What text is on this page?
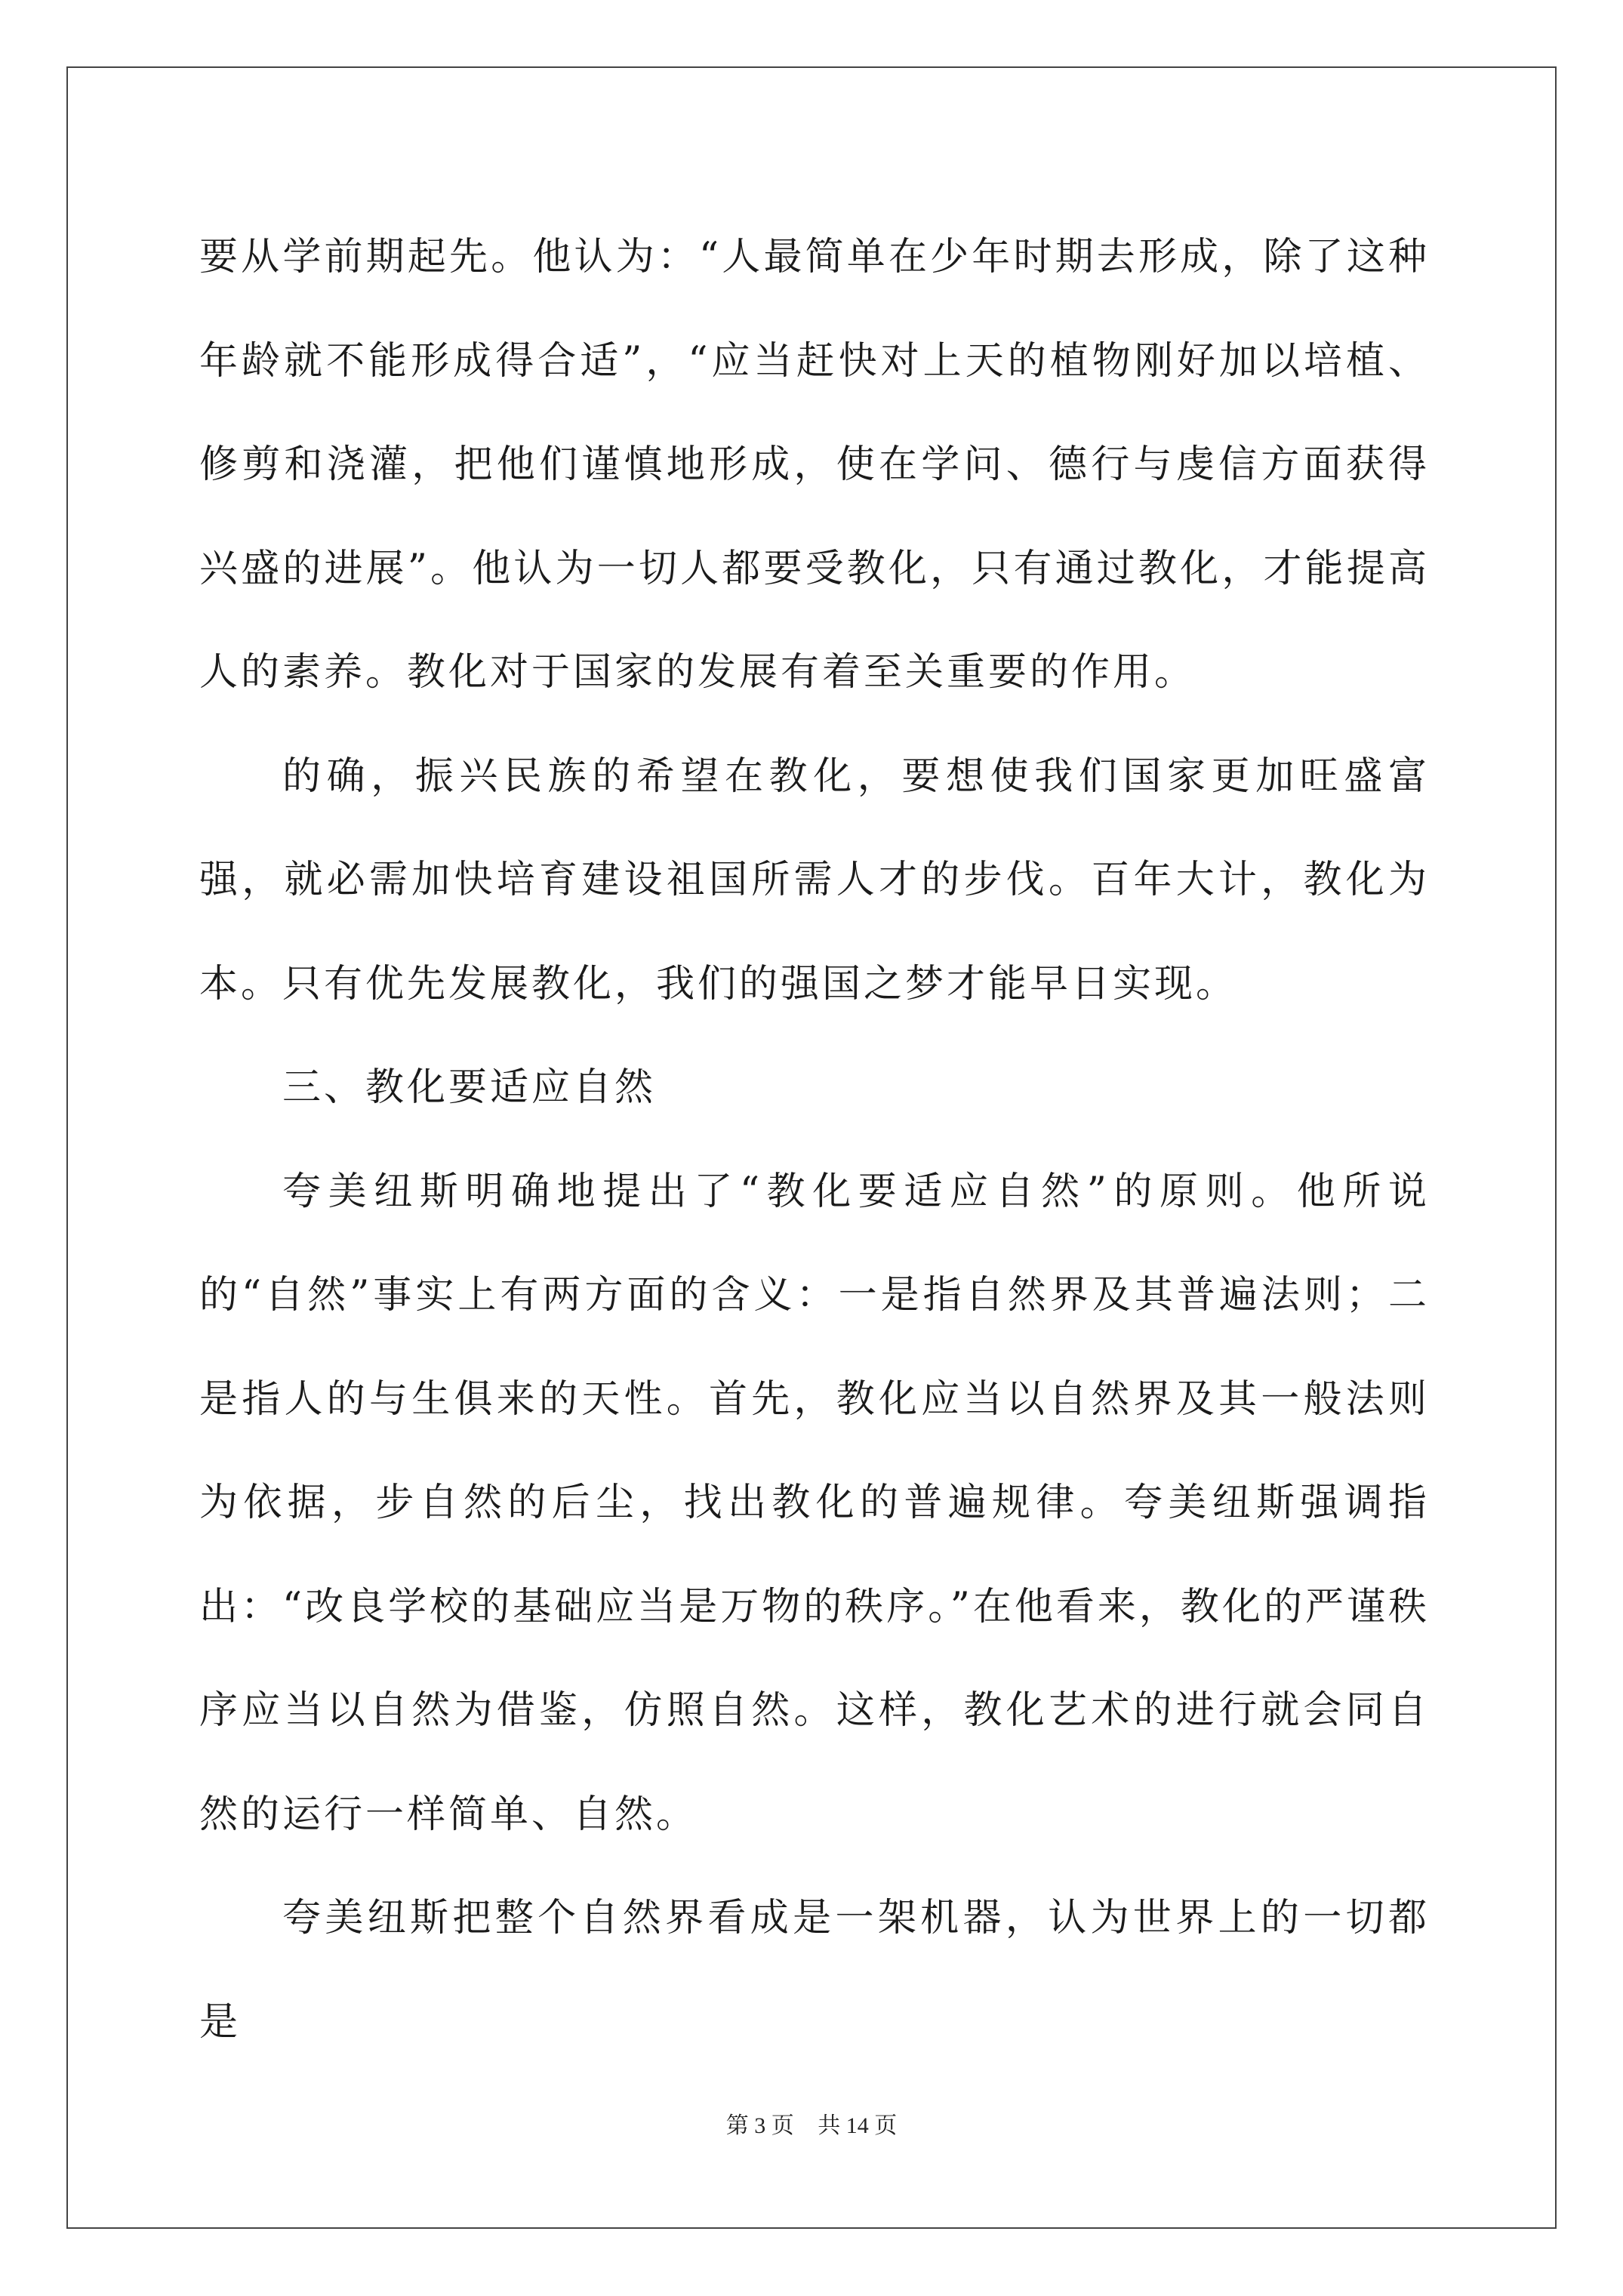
要从学前期起先。他认为：“人最简单在少年时期去形成，除了这种年龄就不能形成得合适”，“应当赶快对上天的植物刚好加以培植、修剪和浇灌，把他们谨慎地形成，使在学问、德行与虔信方面获得兴盛的进展”。他认为一切人都要受教化，只有通过教化，才能提高人的素养。教化对于国家的发展有着至关重要的作用。

的确，振兴民族的希望在教化，要想使我们国家更加旺盛富强，就必需加快培育建设祖国所需人才的步伐。百年大计，教化为本。只有优先发展教化，我们的强国之梦才能早日实现。

三、教化要适应自然

夸美纽斯明确地提出了“教化要适应自然”的原则。他所说的“自然”事实上有两方面的含义：一是指自然界及其普遍法则；二是指人的与生俱来的天性。首先，教化应当以自然界及其一般法则为依据，步自然的后尘，找出教化的普遍规律。夸美纽斯强调指出：“改良学校的基础应当是万物的秩序。”在他看来，教化的严谨秩序应当以自然为借鉴，仿照自然。这样，教化艺术的进行就会同自然的运行一样简单、自然。

夸美纽斯把整个自然界看成是一架机器，认为世界上的一切都是

第 3 页 共 14 页
